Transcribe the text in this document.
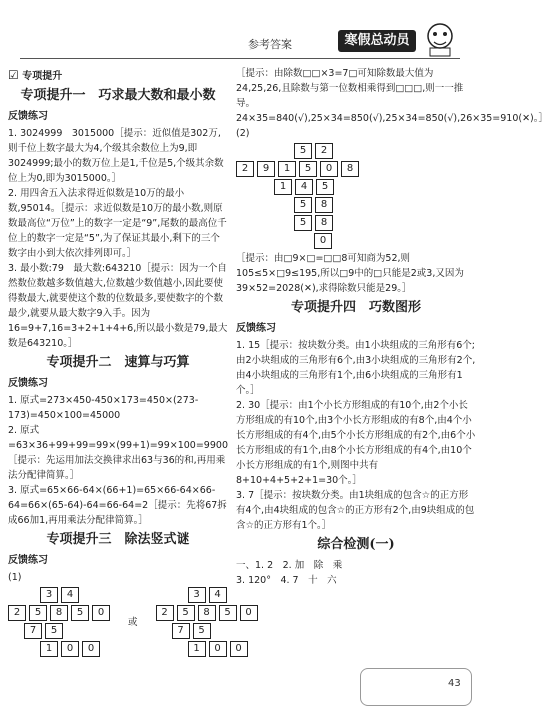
参考答案	寒假总动员
☑ 专项提升
专项提升一　巧求最大数和最小数
反馈练习

1. 3024999　3015000［提示：近似值是302万,则千位上数字最大为4,个级其余数位上为9,即3024999;最小的数万位上是1,千位是5,个级其余数位上为0,即为3015000。］

2. 用四舍五入法求得近似数是10万的最小数,95014。［提示：求近似数是10万的最小数,则原数最高位“万位”上的数字一定是“9”,尾数的最高位千位上的数字一定是“5”,为了保证其最小,剩下的三个数字由小到大依次排列即可。］

3. 最小数:79　最大数:643210［提示：因为一个自然数位数越多数值越大,位数越少数值越小,因此要使得数最大,就要使这个数的位数最多,要使数字的个数最少,就要从最大数字9入手。因为16=9+7,16=3+2+1+4+6,所以最小数是79,最大数是643210。］

专项提升二　速算与巧算
反馈练习

1. 原式=273×450-450×173=450×(273-173)=450×100=45000

2. 原式=63×36+99+99=99×(99+1)=99×100=9900［提示：先运用加法交换律求出63与36的和,再用乘法分配律简算。］

3. 原式=65×66-64×(66+1)=65×66-64×66-64=66×(65-64)-64=66-64=2［提示：先将67拆成66加1,再用乘法分配律简算。］

专项提升三　除法竖式谜
反馈练习

(1)

3	4
2	5	8	5	0
7	5
1	0	0
或
3	4
2	5	8	5	0
7	5
1	0	0

［提示：由除数□□×3=7□可知除数最大值为

24,25,26,且除数与第一位数相乘得到□□□,则一一推导。24×35=840(√),25×34=850(√),25×34=850(√),26×35=910(✕)。］

(2)

5	2
2	9	1	5	0	8
1	4	5
5	8
5	8
0

［提示：由□9×□=□□8可知商为52,则105≤5×□9≤195,所以□9中的□只能是2或3,又因为39×52=2028(✕),求得除数只能是29。］

专项提升四　巧数图形
反馈练习

1. 15［提示：按块数分类。由1小块组成的三角形有6个;由2小块组成的三角形有6个,由3小块组成的三角形有2个,由4小块组成的三角形有1个,由6小块组成的三角形有1个。］

2. 30［提示：由1个小长方形组成的有10个,由2个小长方形组成的有10个,由3个小长方形组成的有8个,由4个小长方形组成的有4个,由5个小长方形组成的有2个,由6个小长方形组成的有1个,由8个小长方形组成的有4个,由10个小长方形组成的有1个,则图中共有8+10+4+5+2+1=30个。］

3. 7［提示：按块数分类。由1块组成的包含☆的正方形有4个,由4块组成的包含☆的正方形有2个,由9块组成的包含☆的正方形有1个。］

综合检测(一)

一、1. 2　2. 加　除　乘

3. 120°　4. 7　十　六

43
